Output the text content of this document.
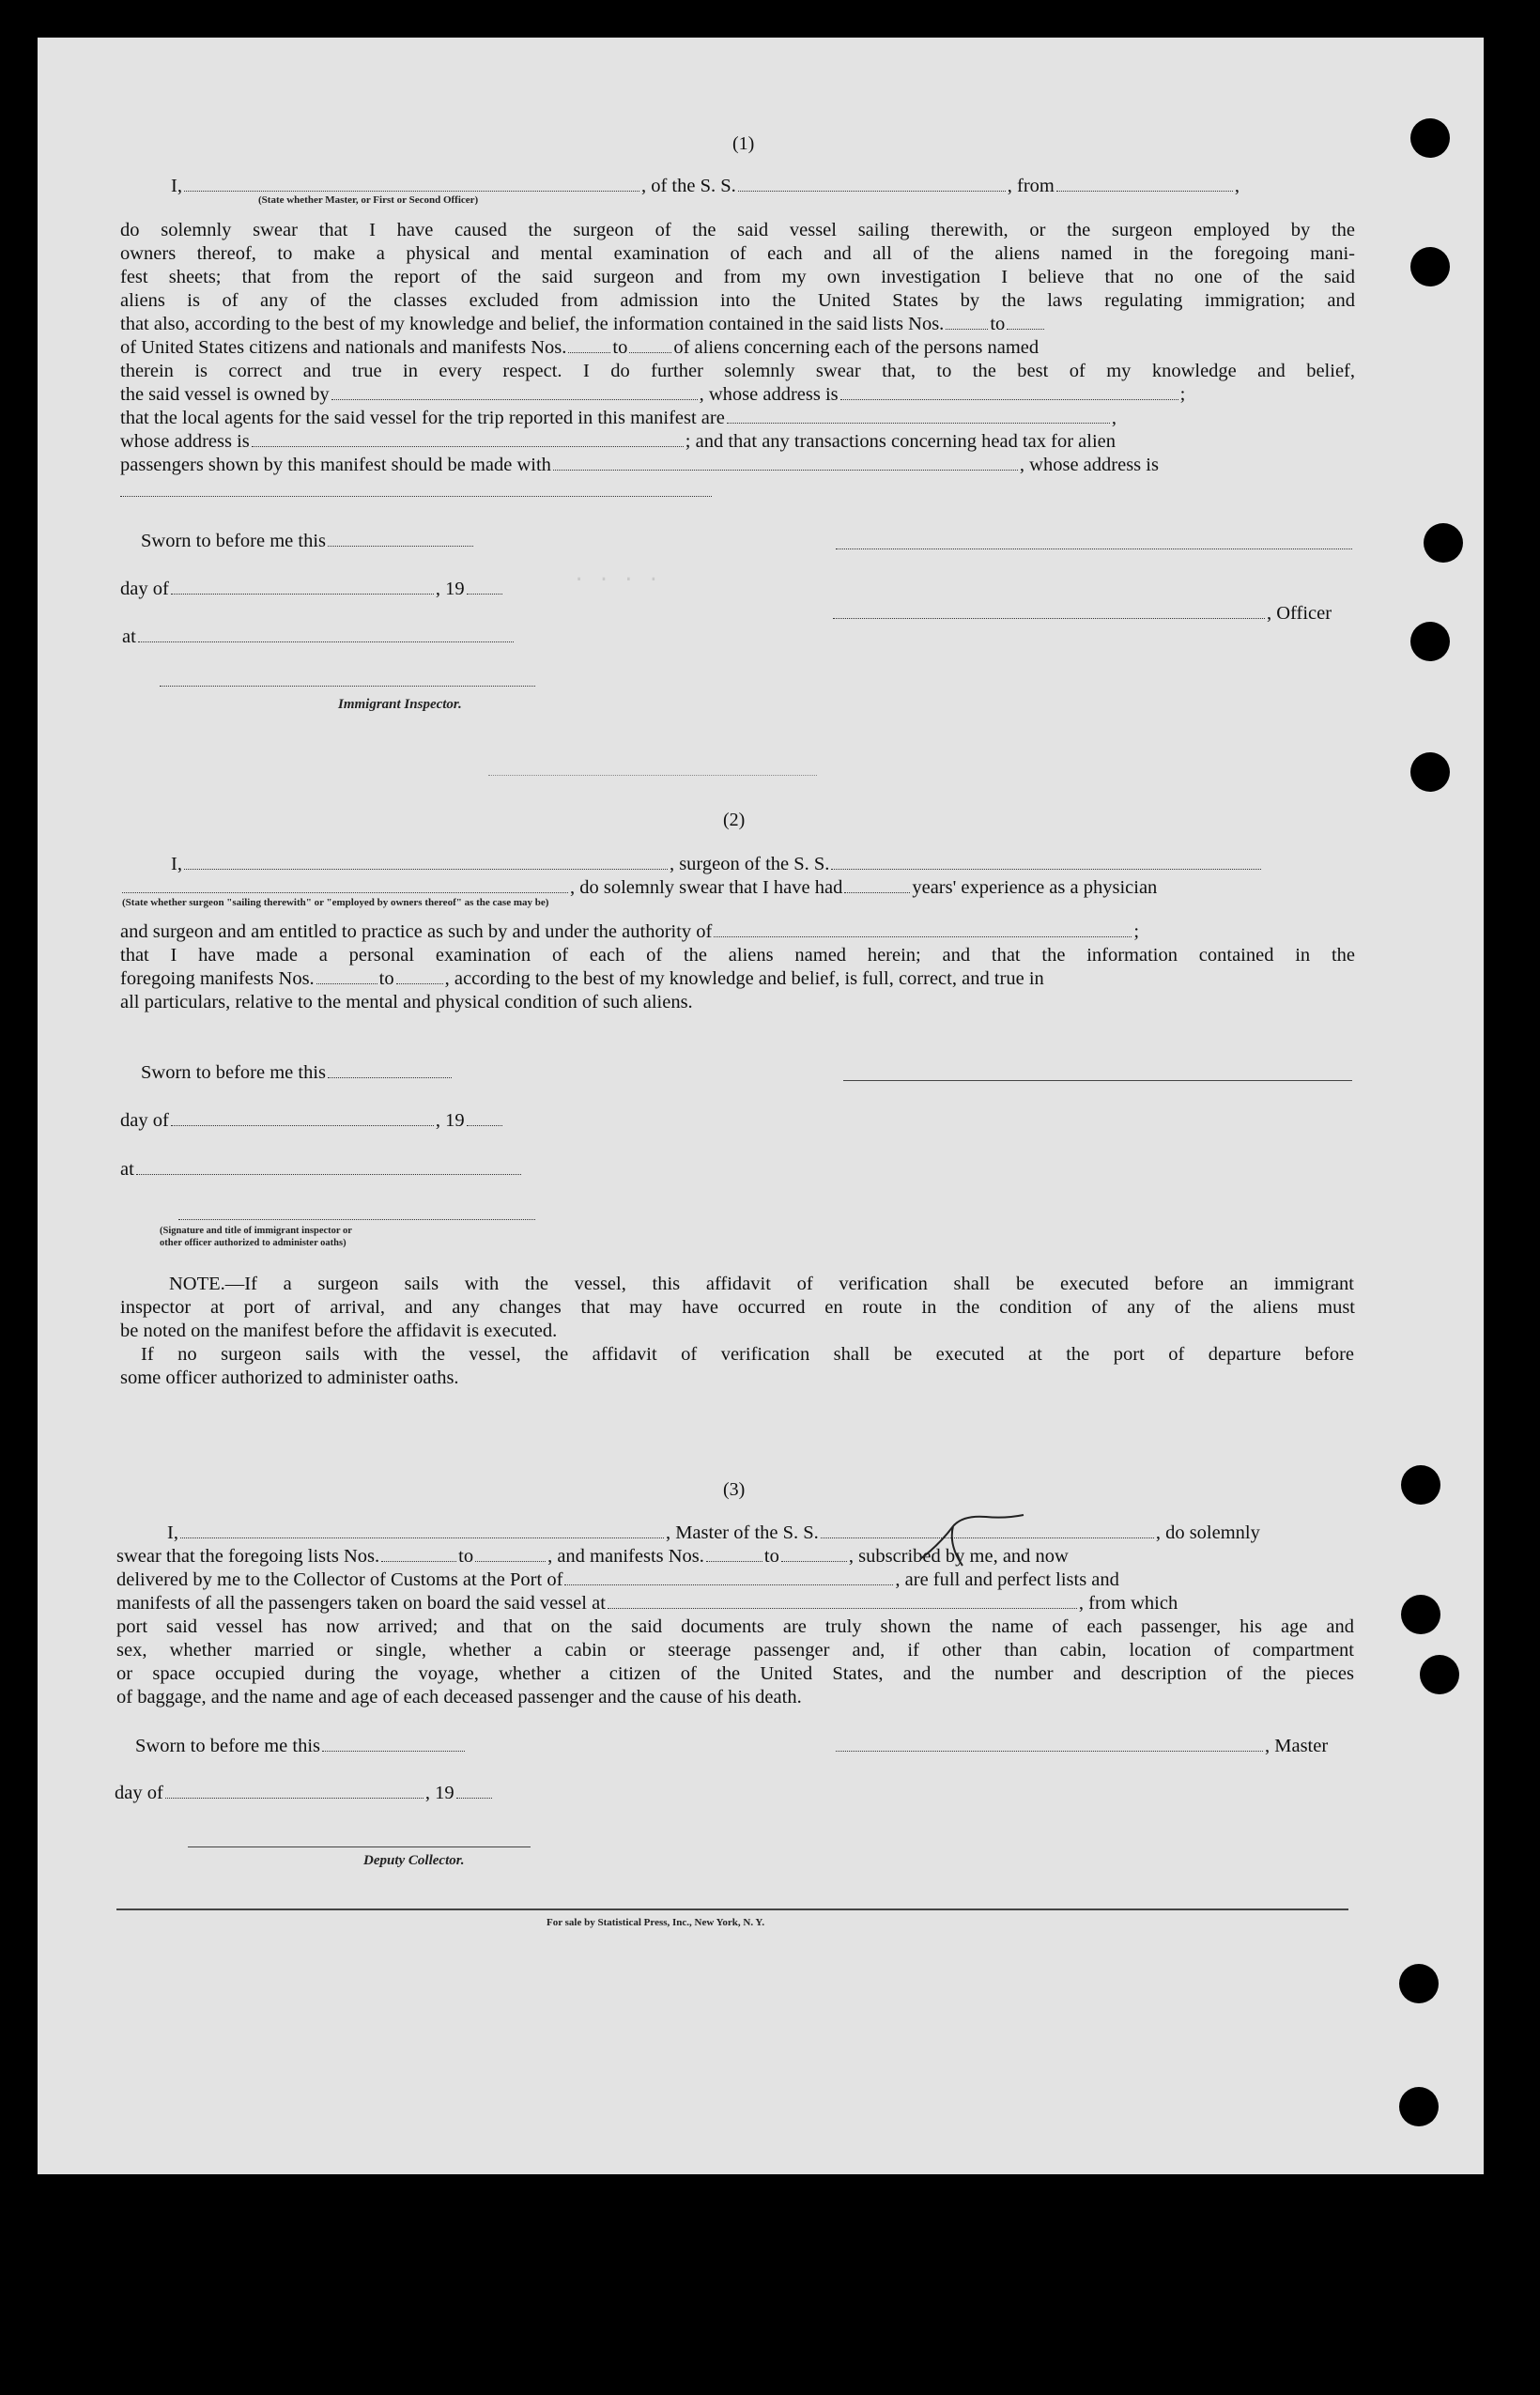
(1)
I,	, of the S. S.	, from	,
(State whether Master, or First or Second Officer)
do solemnly swear that I have caused the surgeon of the said vessel sailing therewith, or the surgeon employed by the
owners thereof, to make a physical and mental examination of each and all of the aliens named in the foregoing mani-
fest sheets; that from the report of the said surgeon and from my own investigation I believe that no one of the said
aliens is of any of the classes excluded from admission into the United States by the laws regulating immigration; and
that also, according to the best of my knowledge and belief, the information contained in the said lists Nos. to
of United States citizens and nationals and manifests Nos. to of aliens concerning each of the persons named
therein is correct and true in every respect. I do further solemnly swear that, to the best of my knowledge and belief,
the said vessel is owned by	, whose address is	;
that the local agents for the said vessel for the trip reported in this manifest are	,
whose address is	; and that any transactions concerning head tax for alien
passengers shown by this manifest should be made with	, whose address is
Sworn to before me this
day of	, 19
at
Immigrant Inspector.
, Officer
. . . .
(2)
I,	, surgeon of the S. S.
, do solemnly swear that I have had	years' experience as a physician
(State whether surgeon "sailing therewith" or "employed by owners thereof" as the case may be)
and surgeon and am entitled to practice as such by and under the authority of	;
that I have made a personal examination of each of the aliens named herein; and that the information contained in the
foregoing manifests Nos.	to	, according to the best of my knowledge and belief, is full, correct, and true in
all particulars, relative to the mental and physical condition of such aliens.
Sworn to before me this
day of	, 19
at
(Signature and title of immigrant inspector or
other officer authorized to administer oaths)
NOTE.—If a surgeon sails with the vessel, this affidavit of verification shall be executed before an immigrant
inspector at port of arrival, and any changes that may have occurred en route in the condition of any of the aliens must
be noted on the manifest before the affidavit is executed.
If no surgeon sails with the vessel, the affidavit of verification shall be executed at the port of departure before
some officer authorized to administer oaths.
(3)
I,	, Master of the S. S.	, do solemnly
swear that the foregoing lists Nos.	to	, and manifests Nos.	to	, subscribed by me, and now
delivered by me to the Collector of Customs at the Port of	, are full and perfect lists and
manifests of all the passengers taken on board the said vessel at	, from which
port said vessel has now arrived; and that on the said documents are truly shown the name of each passenger, his age and
sex, whether married or single, whether a cabin or steerage passenger and, if other than cabin, location of compartment
or space occupied during the voyage, whether a citizen of the United States, and the number and description of the pieces
of baggage, and the name and age of each deceased passenger and the cause of his death.
Sworn to before me this	, Master
day of	, 19
Deputy Collector.
For sale by Statistical Press, Inc., New York, N. Y.
